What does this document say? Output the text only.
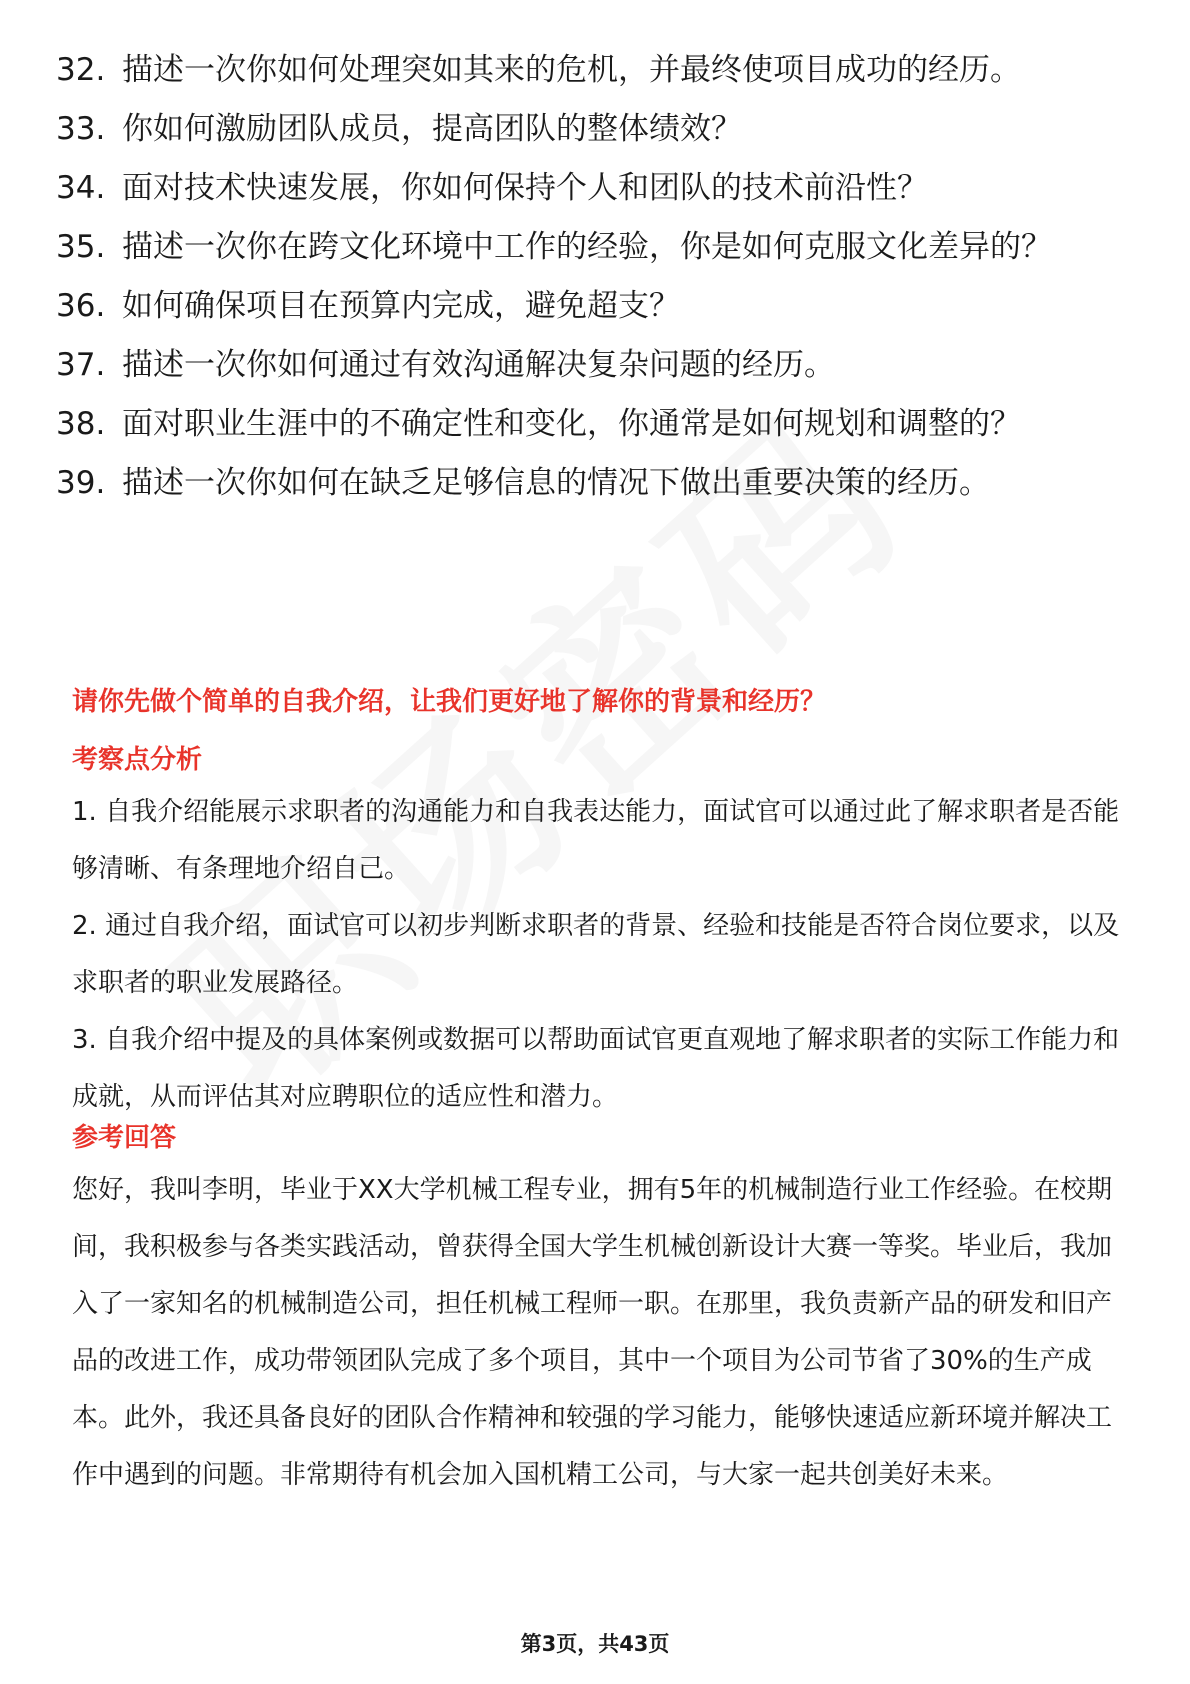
32. 描述一次你如何处理突如其来的危机，并最终使项目成功的经历。
33. 你如何激励团队成员，提高团队的整体绩效？
34. 面对技术快速发展，你如何保持个人和团队的技术前沿性？
35. 描述一次你在跨文化环境中工作的经验，你是如何克服文化差异的？
36. 如何确保项目在预算内完成，避免超支？
37. 描述一次你如何通过有效沟通解决复杂问题的经历。
38. 面对职业生涯中的不确定性和变化，你通常是如何规划和调整的？
39. 描述一次你如何在缺乏足够信息的情况下做出重要决策的经历。
请你先做个简单的自我介绍，让我们更好地了解你的背景和经历？
考察点分析

1. 自我介绍能展示求职者的沟通能力和自我表达能力，面试官可以通过此了解求职者是否能够清晰、有条理地介绍自己。

2. 通过自我介绍，面试官可以初步判断求职者的背景、经验和技能是否符合岗位要求，以及求职者的职业发展路径。

3. 自我介绍中提及的具体案例或数据可以帮助面试官更直观地了解求职者的实际工作能力和成就，从而评估其对应聘职位的适应性和潜力。

参考回答

您好，我叫李明，毕业于XX大学机械工程专业，拥有5年的机械制造行业工作经验。在校期间，我积极参与各类实践活动，曾获得全国大学生机械创新设计大赛一等奖。毕业后，我加入了一家知名的机械制造公司，担任机械工程师一职。在那里，我负责新产品的研发和旧产品的改进工作，成功带领团队完成了多个项目，其中一个项目为公司节省了30%的生产成本。此外，我还具备良好的团队合作精神和较强的学习能力，能够快速适应新环境并解决工作中遇到的问题。非常期待有机会加入国机精工公司，与大家一起共创美好未来。

第3页，共43页
